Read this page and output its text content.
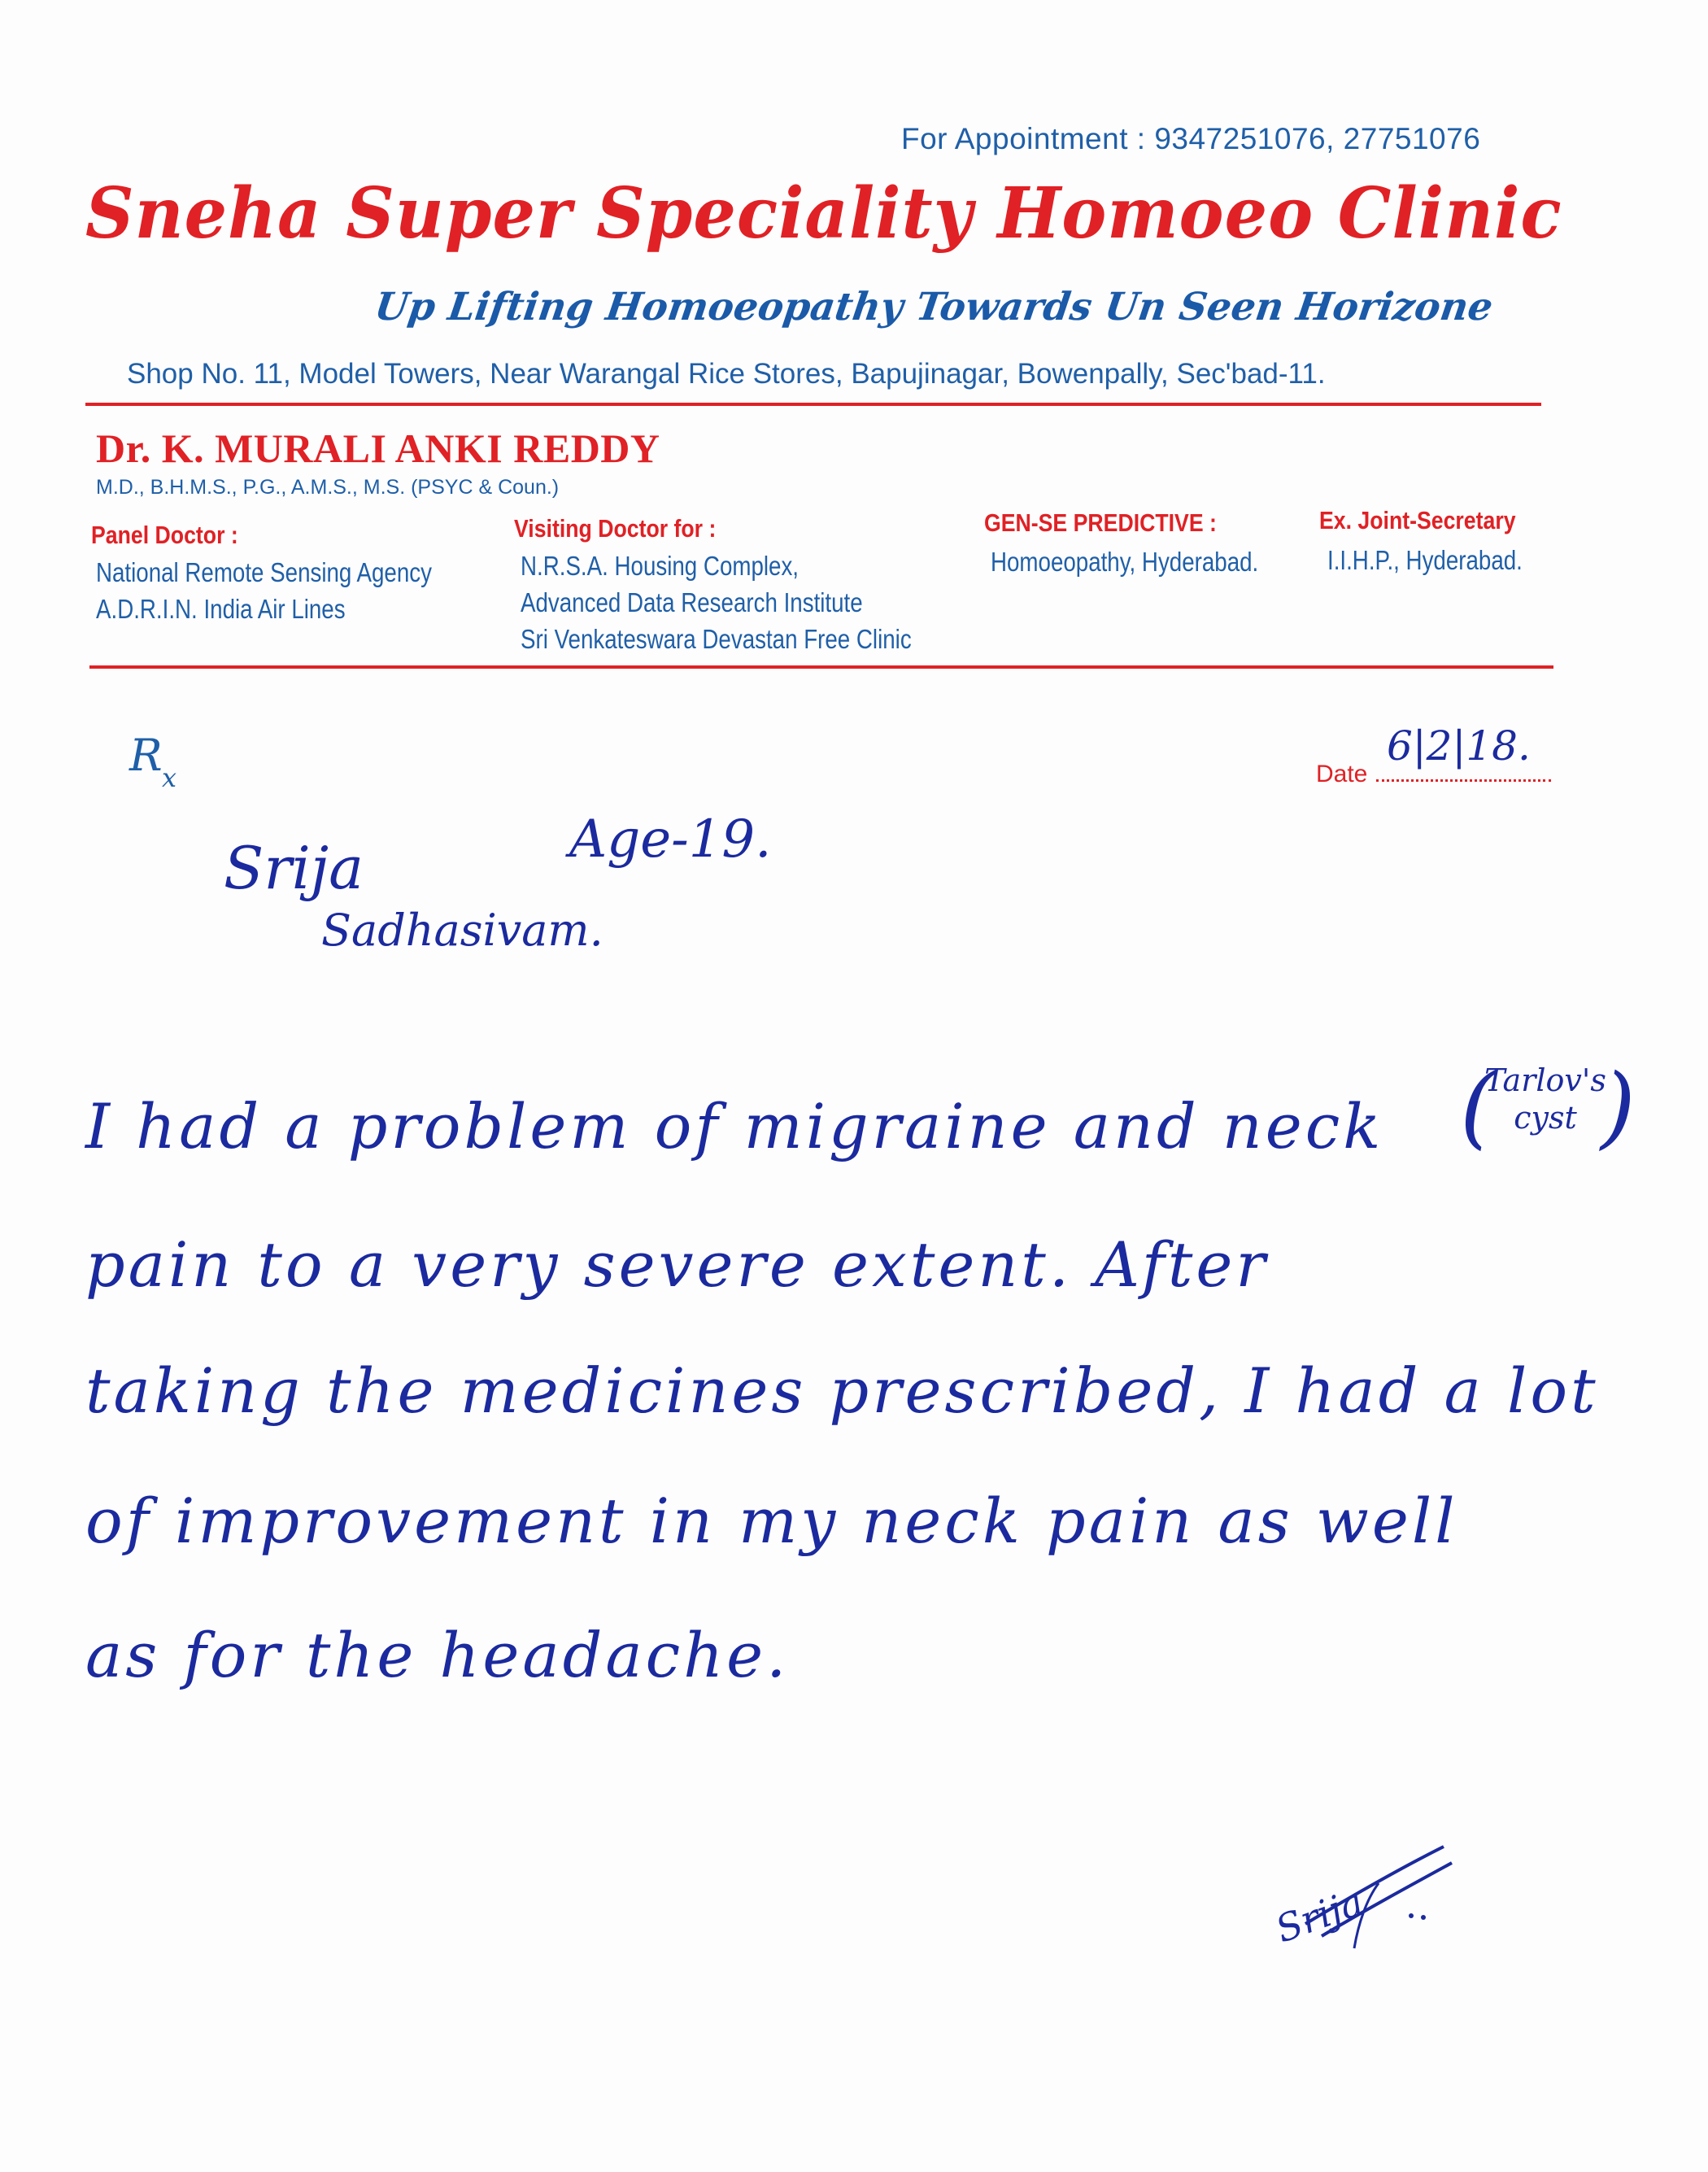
For Appointment : 9347251076, 27751076
Sneha Super Speciality Homoeo Clinic
Up Lifting Homoeopathy Towards Un Seen Horizone
Shop No. 11, Model Towers, Near Warangal Rice Stores, Bapujinagar, Bowenpally, Sec'bad-11.
Dr. K. MURALI ANKI REDDY
M.D., B.H.M.S., P.G., A.M.S., M.S. (PSYC & Coun.)
Panel Doctor :
National Remote Sensing Agency
A.D.R.I.N. India Air Lines
Visiting Doctor for :
N.R.S.A. Housing Complex,
Advanced Data Research Institute
Sri Venkateswara Devastan Free Clinic
GEN-SE PREDICTIVE :
Homoeopathy, Hyderabad.
Ex. Joint-Secretary
I.I.H.P., Hyderabad.
R x	Date
6|2|18.
Srija	Age-19.
Sadhasivam.
I had a problem of migraine and neck
pain to a very severe extent. After
taking the medicines prescribed, I had a lot
of improvement in my neck pain as well
as for the headache.
(
Tarlov's cyst )
Srija
